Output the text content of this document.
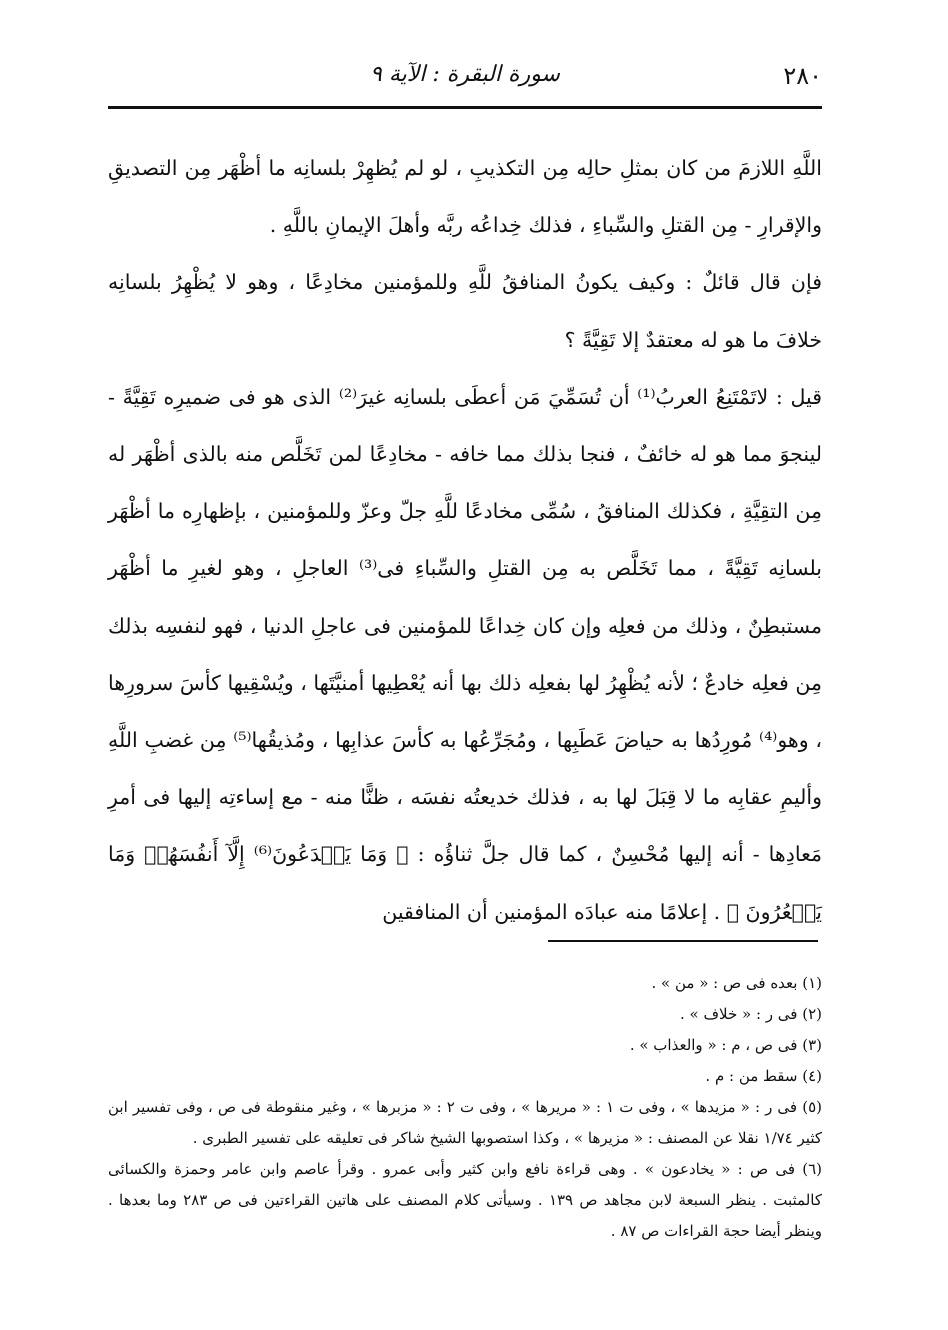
٢٨٠
سورة البقرة : الآية ٩

اللَّهِ اللازمَ من كان بمثلِ حالِه مِن التكذيبِ ، لو لم يُظهِرْ بلسانِه ما أظْهَر مِن التصديقِ والإقرارِ - مِن القتلِ والسِّباءِ ، فذلك خِداعُه ربَّه وأهلَ الإيمانِ باللَّهِ .

فإن قال قائلٌ : وكيف يكونُ المنافقُ للَّهِ وللمؤمنين مخادِعًا ، وهو لا يُظْهِرُ بلسانِه خلافَ ما هو له معتقدٌ إلا تَقِيَّةً ؟

قيل : لاتَمْتَنِعُ العربُ⁽¹⁾ أن تُسَمِّيَ مَن أعطَى بلسانِه غيرَ⁽²⁾ الذى هو فى ضميرِه تَقِيَّةً - لينجوَ مما هو له خائفٌ ، فنجا بذلك مما خافه - مخادِعًا لمن تَخَلَّص منه بالذى أظْهَر له مِن التقِيَّةِ ، فكذلك المنافقُ ، سُمِّى مخادعًا للَّهِ جلّ وعزّ وللمؤمنين ، بإظهارِه ما أظْهَر بلسانِه تَقِيَّةً ، مما تَخَلَّص به مِن القتلِ والسِّباءِ فى⁽³⁾ العاجلِ ، وهو لغيرِ ما أظْهَر مستبطِنٌ ، وذلك من فعلِه وإن كان خِداعًا للمؤمنين فى عاجلِ الدنيا ، فهو لنفسِه بذلك مِن فعلِه خادعٌ ؛ لأنه يُظْهِرُ لها بفعلِه ذلك بها أنه يُعْطِيها أمنيَّتَها ، ويُسْقِيها كأسَ سرورِها ، وهو⁽⁴⁾ مُورِدُها به حياضَ عَطَبِها ، ومُجَرِّعُها به كأسَ عذابِها ، ومُذيقُها⁽⁵⁾ مِن غضبِ اللَّهِ وأليمِ عقابِه ما لا قِبَلَ لها به ، فذلك خديعتُه نفسَه ، ظنًّا منه - مع إساءتِه إليها فى أمرِ مَعادِها - أنه إليها مُحْسِنٌ ، كما قال جلَّ ثناؤُه : ﴿ وَمَا يَخۡدَعُونَ⁽⁶⁾ إِلَّآ أَنفُسَهُمۡ وَمَا يَشۡعُرُونَ ﴾ . إعلامًا منه عبادَه المؤمنين أن المنافقين

(١) بعده فى ص : « من » .

(٢) فى ر : « خلاف » .

(٣) فى ص ، م : « والعذاب » .

(٤) سقط من : م .

(٥) فى ر : « مزيدها » ، وفى ت ١ : « مريرها » ، وفى ت ٢ : « مزبرها » ، وغير منقوطة فى ص ، وفى تفسير ابن كثير ١/٧٤ نقلا عن المصنف : « مزيرها » ، وكذا استصوبها الشيخ شاكر فى تعليقه على تفسير الطبرى .

(٦) فى ص : « يخادعون » . وهى قراءة نافع وابن كثير وأبى عمرو . وقرأ عاصم وابن عامر وحمزة والكسائى كالمثبت . ينظر السبعة لابن مجاهد ص ١٣٩ . وسيأتى كلام المصنف على هاتين القراءتين فى ص ٢٨٣ وما بعدها . وينظر أيضا حجة القراءات ص ٨٧ .
